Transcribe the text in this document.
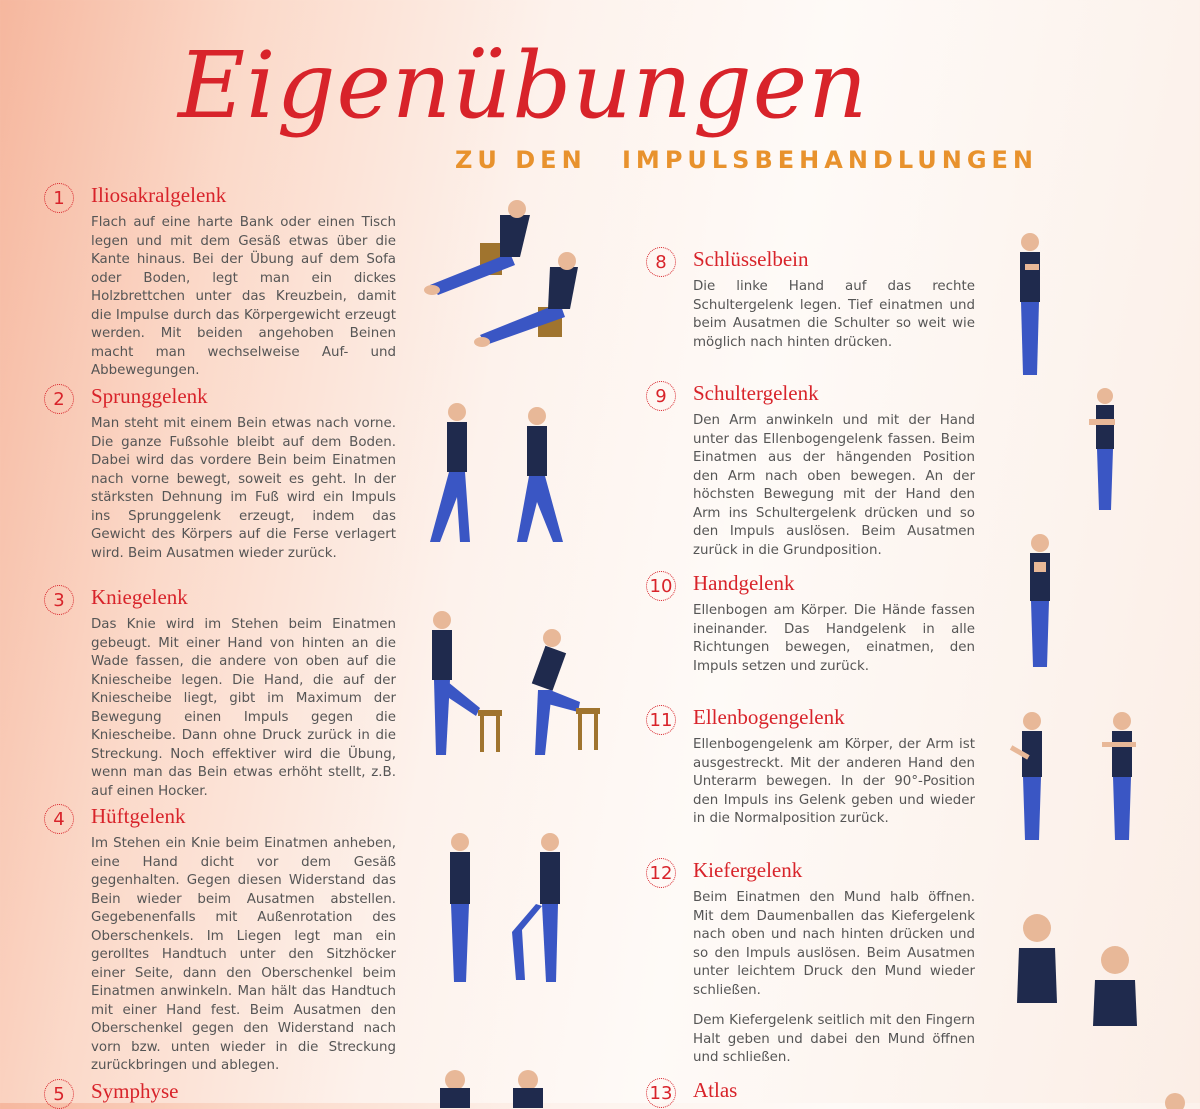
Eigenübungen
ZU DEN IMPULSBEHANDLUNGEN
1	Iliosakralgelenk
Flach auf eine harte Bank oder einen Tisch legen und mit dem Gesäß etwas über die Kante hinaus. Bei der Übung auf dem Sofa oder Boden, legt man ein dickes Holzbrettchen unter das Kreuzbein, damit die Impulse durch das Körpergewicht erzeugt werden. Mit beiden angehoben Beinen macht man wechselweise Auf- und Abbewegungen.
2	Sprunggelenk
Man steht mit einem Bein etwas nach vorne. Die ganze Fußsohle bleibt auf dem Boden. Dabei wird das vordere Bein beim Einatmen nach vorne bewegt, soweit es geht. In der stärksten Dehnung im Fuß wird ein Impuls ins Sprunggelenk erzeugt, indem das Gewicht des Körpers auf die Ferse verlagert wird. Beim Ausatmen wieder zurück.
3	Kniegelenk
Das Knie wird im Stehen beim Einatmen gebeugt. Mit einer Hand von hinten an die Wade fassen, die andere von oben auf die Kniescheibe legen. Die Hand, die auf der Kniescheibe liegt, gibt im Maximum der Bewegung einen Impuls gegen die Kniescheibe. Dann ohne Druck zurück in die Streckung. Noch effektiver wird die Übung, wenn man das Bein etwas erhöht stellt, z.B. auf einen Hocker.
4	Hüftgelenk
Im Stehen ein Knie beim Einatmen anheben, eine Hand dicht vor dem Gesäß gegenhalten. Gegen diesen Widerstand das Bein wieder beim Ausatmen abstellen. Gegebenenfalls mit Außenrotation des Oberschenkels. Im Liegen legt man ein gerolltes Handtuch unter den Sitzhöcker einer Seite, dann den Oberschenkel beim Einatmen anwinkeln. Man hält das Handtuch mit einer Hand fest. Beim Ausatmen den Oberschenkel gegen den Widerstand nach vorn bzw. unten wieder in die Streckung zurückbringen und ablegen.
5	Symphyse
8	Schlüsselbein
Die linke Hand auf das rechte Schultergelenk legen. Tief einatmen und beim Ausatmen die Schulter so weit wie möglich nach hinten drücken.
9	Schultergelenk
Den Arm anwinkeln und mit der Hand unter das Ellenbogengelenk fassen. Beim Einatmen aus der hängenden Position den Arm nach oben bewegen. An der höchsten Bewegung mit der Hand den Arm ins Schultergelenk drücken und so den Impuls auslösen. Beim Ausatmen zurück in die Grundposition.
10 Handgelenk
Ellenbogen am Körper. Die Hände fassen ineinander. Das Handgelenk in alle Richtungen bewegen, einatmen, den Impuls setzen und zurück.
11 Ellenbogengelenk
Ellenbogengelenk am Körper, der Arm ist ausgestreckt. Mit der anderen Hand den Unterarm bewegen. In der 90°-Position den Impuls ins Gelenk geben und wieder in die Normalposition zurück.
12 Kiefergelenk

Beim Einatmen den Mund halb öffnen. Mit dem Daumenballen das Kiefergelenk nach oben und nach hinten drücken und so den Impuls auslösen. Beim Ausatmen unter leichtem Druck den Mund wieder schließen.

Dem Kiefergelenk seitlich mit den Fingern Halt geben und dabei den Mund öffnen und schließen.

13 Atlas
